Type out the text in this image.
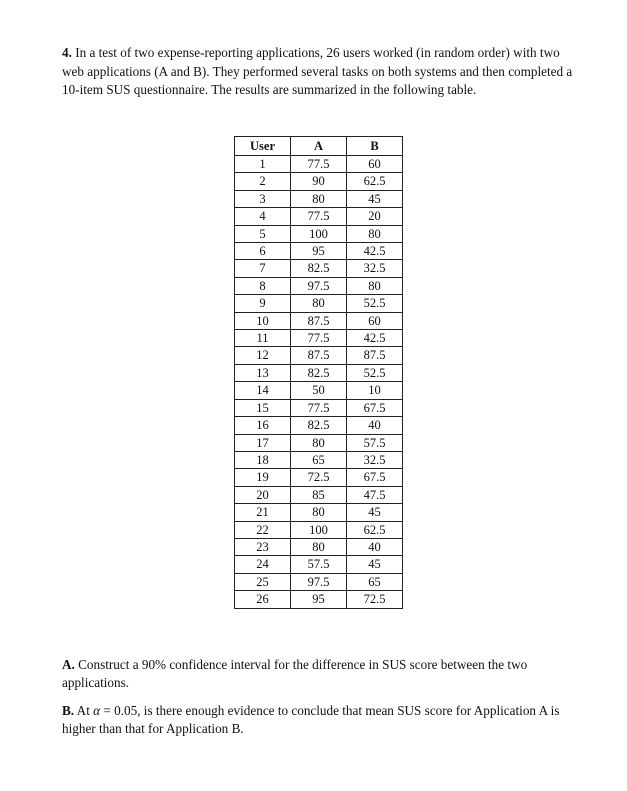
4. In a test of two expense-reporting applications, 26 users worked (in random order) with two web applications (A and B). They performed several tasks on both systems and then completed a 10-item SUS questionnaire. The results are summarized in the following table.

User	A	B
1	77.5	60
2	90	62.5
3	80	45
4	77.5	20
5	100	80
6	95	42.5
7	82.5	32.5
8	97.5	80
9	80	52.5
10	87.5	60
11	77.5	42.5
12	87.5	87.5
13	82.5	52.5
14	50	10
15	77.5	67.5
16	82.5	40
17	80	57.5
18	65	32.5
19	72.5	67.5
20	85	47.5
21	80	45
22	100	62.5
23	80	40
24	57.5	45
25	97.5	65
26	95	72.5

A. Construct a 90% confidence interval for the difference in SUS score between the two applications.

B. At α = 0.05, is there enough evidence to conclude that mean SUS score for Application A is higher than that for Application B.
